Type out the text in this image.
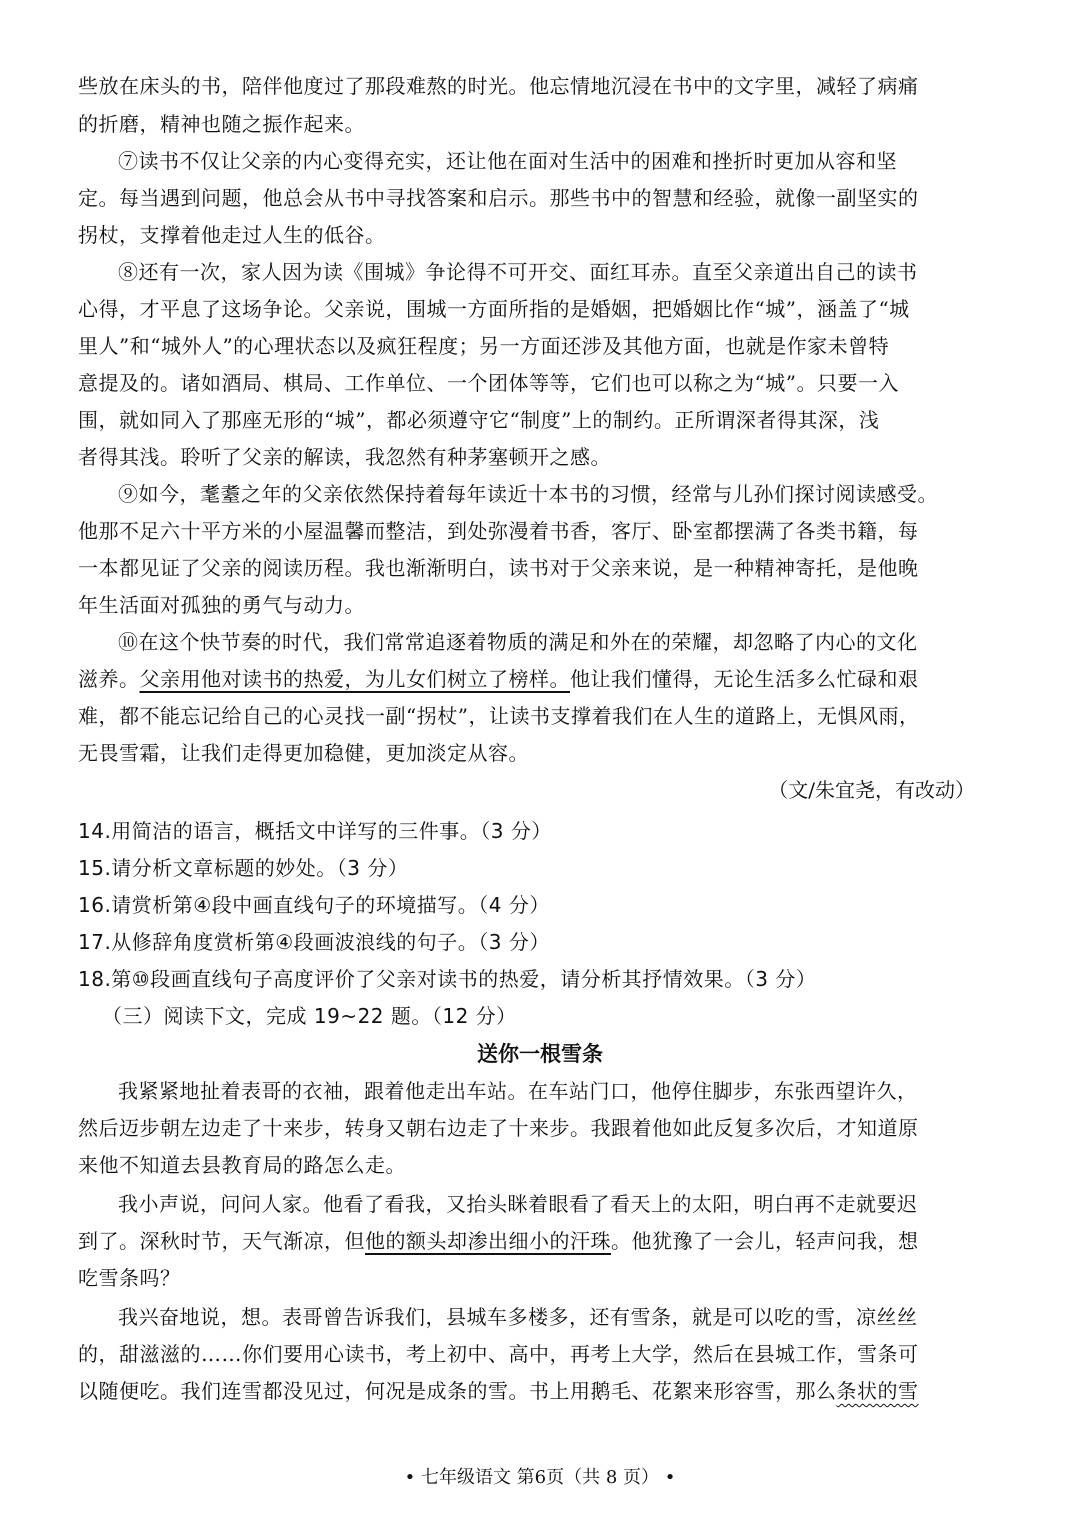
些放在床头的书，陪伴他度过了那段难熬的时光。他忘情地沉浸在书中的文字里，减轻了病痛
的折磨，精神也随之振作起来。
⑦读书不仅让父亲的内心变得充实，还让他在面对生活中的困难和挫折时更加从容和坚
定。每当遇到问题，他总会从书中寻找答案和启示。那些书中的智慧和经验，就像一副坚实的
拐杖，支撑着他走过人生的低谷。
⑧还有一次，家人因为读《围城》争论得不可开交、面红耳赤。直至父亲道出自己的读书
心得，才平息了这场争论。父亲说，围城一方面所指的是婚姻，把婚姻比作“城”，涵盖了“城
里人”和“城外人”的心理状态以及疯狂程度；另一方面还涉及其他方面，也就是作家未曾特
意提及的。诸如酒局、棋局、工作单位、一个团体等等，它们也可以称之为“城”。只要一入
围，就如同入了那座无形的“城”，都必须遵守它“制度”上的制约。正所谓深者得其深，浅
者得其浅。聆听了父亲的解读，我忽然有种茅塞顿开之感。
⑨如今，耄耋之年的父亲依然保持着每年读近十本书的习惯，经常与儿孙们探讨阅读感受。
他那不足六十平方米的小屋温馨而整洁，到处弥漫着书香，客厅、卧室都摆满了各类书籍，每
一本都见证了父亲的阅读历程。我也渐渐明白，读书对于父亲来说，是一种精神寄托，是他晚
年生活面对孤独的勇气与动力。
⑩在这个快节奏的时代，我们常常追逐着物质的满足和外在的荣耀，却忽略了内心的文化
滋养。父亲用他对读书的热爱，为儿女们树立了榜样。他让我们懂得，无论生活多么忙碌和艰
难，都不能忘记给自己的心灵找一副“拐杖”，让读书支撑着我们在人生的道路上，无惧风雨，
无畏雪霜，让我们走得更加稳健，更加淡定从容。
（文/朱宜尧，有改动）
14.用简洁的语言，概括文中详写的三件事。（3 分）
15.请分析文章标题的妙处。（3 分）
16.请赏析第④段中画直线句子的环境描写。（4 分）
17.从修辞角度赏析第④段画波浪线的句子。（3 分）
18.第⑩段画直线句子高度评价了父亲对读书的热爱，请分析其抒情效果。（3 分）
（三）阅读下文，完成 19~22 题。（12 分）
送你一根雪条
我紧紧地扯着表哥的衣袖，跟着他走出车站。在车站门口，他停住脚步，东张西望许久，
然后迈步朝左边走了十来步，转身又朝右边走了十来步。我跟着他如此反复多次后，才知道原
来他不知道去县教育局的路怎么走。
我小声说，问问人家。他看了看我，又抬头眯着眼看了看天上的太阳，明白再不走就要迟
到了。深秋时节，天气渐凉，但他的额头却渗出细小的汗珠。他犹豫了一会儿，轻声问我，想
吃雪条吗？
我兴奋地说，想。表哥曾告诉我们，县城车多楼多，还有雪条，就是可以吃的雪，凉丝丝
的，甜滋滋的……你们要用心读书，考上初中、高中，再考上大学，然后在县城工作，雪条可
以随便吃。我们连雪都没见过，何况是成条的雪。书上用鹅毛、花絮来形容雪，那么条状的雪
• 七年级语文 第6页（共 8 页） •
